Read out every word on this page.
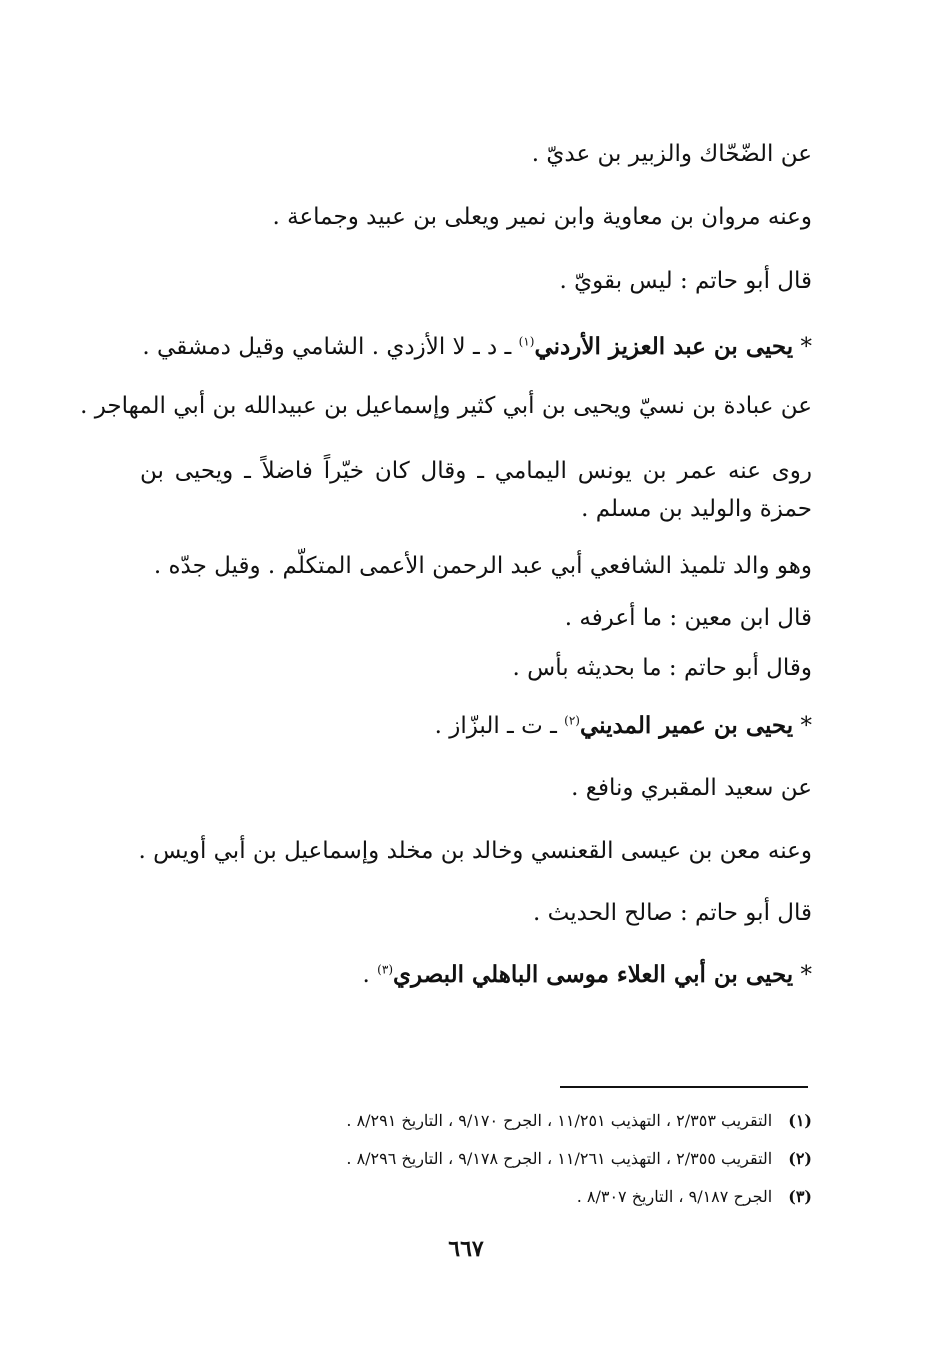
عن الضّحّاك والزبير بن عديّ .

وعنه مروان بن معاوية وابن نمير ويعلى بن عبيد وجماعة .

قال أبو حاتم : ليس بقويّ .

* يحيى بن عبد العزيز الأردني$^{(١)}$ ـ د ـ لا الأزدي . الشامي وقيل دمشقي .

عن عبادة بن نسيّ ويحيى بن أبي كثير وإسماعيل بن عبيدالله بن أبي المهاجر .

روى عنه عمر بن يونس اليمامي ـ وقال كان خيّراً فاضلاً ـ ويحيى بن حمزة والوليد بن مسلم .

وهو والد تلميذ الشافعي أبي عبد الرحمن الأعمى المتكلّم . وقيل جدّه .

قال ابن معين : ما أعرفه .

وقال أبو حاتم : ما بحديثه بأس .

* يحيى بن عمير المديني$^{(٢)}$ ـ ت ـ البزّاز .

عن سعيد المقبري ونافع .

وعنه معن بن عيسى القعنسي وخالد بن مخلد وإسماعيل بن أبي أويس .

قال أبو حاتم : صالح الحديث .

* يحيى بن أبي العلاء موسى الباهلي البصري$^{(٣)}$ .

(١)التقريب ٢/٣٥٣ ، التهذيب ١١/٢٥١ ، الجرح ٩/١٧٠ ، التاريخ ٨/٢٩١ .
(٢)التقريب ٢/٣٥٥ ، التهذيب ١١/٢٦١ ، الجرح ٩/١٧٨ ، التاريخ ٨/٢٩٦ .
(٣)الجرح ٩/١٨٧ ، التاريخ ٨/٣٠٧ .
٦٦٧
